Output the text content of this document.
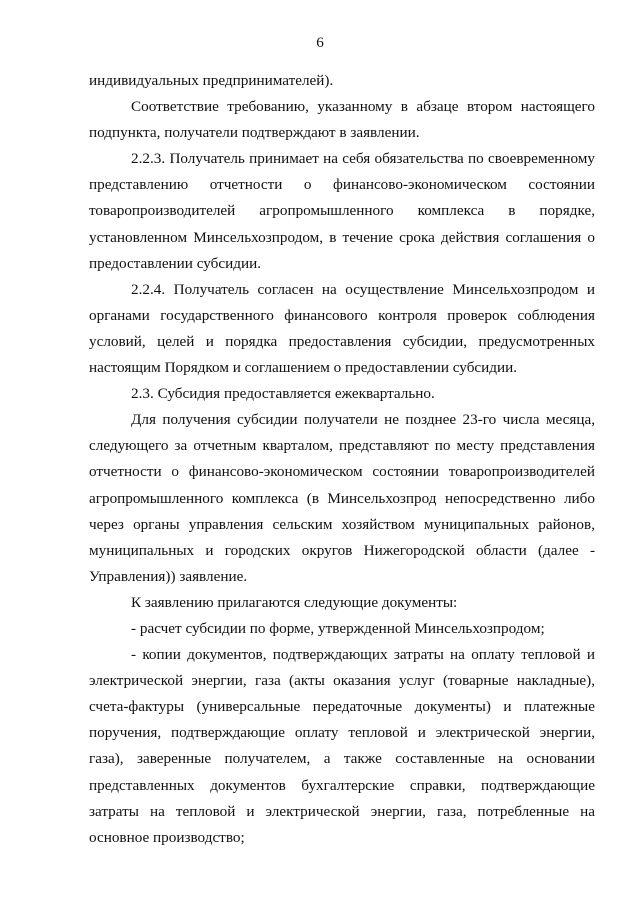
6

индивидуальных предпринимателей).

Соответствие требованию, указанному в абзаце втором настоящего подпункта, получатели подтверждают в заявлении.

2.2.3. Получатель принимает на себя обязательства по своевременному представлению отчетности о финансово-экономическом состоянии товаропроизводителей агропромышленного комплекса в порядке, установленном Минсельхозпродом, в течение срока действия соглашения о предоставлении субсидии.

2.2.4. Получатель согласен на осуществление Минсельхозпродом и органами государственного финансового контроля проверок соблюдения условий, целей и порядка предоставления субсидии, предусмотренных настоящим Порядком и соглашением о предоставлении субсидии.

2.3. Субсидия предоставляется ежеквартально.

Для получения субсидии получатели не позднее 23-го числа месяца, следующего за отчетным кварталом, представляют по месту представления отчетности о финансово-экономическом состоянии товаропроизводителей агропромышленного комплекса (в Минсельхозпрод непосредственно либо через органы управления сельским хозяйством муниципальных районов, муниципальных и городских округов Нижегородской области (далее - Управления)) заявление.

К заявлению прилагаются следующие документы:

- расчет субсидии по форме, утвержденной Минсельхозпродом;

- копии документов, подтверждающих затраты на оплату тепловой и электрической энергии, газа (акты оказания услуг (товарные накладные), счета-фактуры (универсальные передаточные документы) и платежные поручения, подтверждающие оплату тепловой и электрической энергии, газа), заверенные получателем, а также составленные на основании представленных документов бухгалтерские справки, подтверждающие затраты на тепловой и электрической энергии, газа, потребленные на основное производство;
